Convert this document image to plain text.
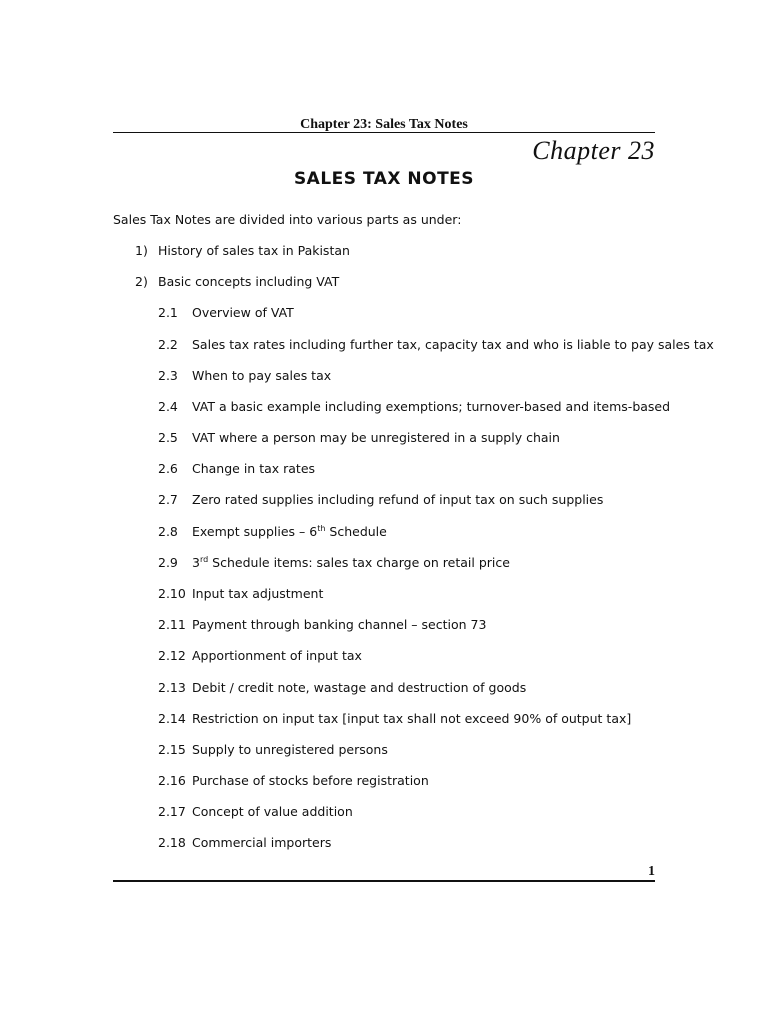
Chapter 23: Sales Tax Notes
Chapter 23
SALES TAX NOTES
Sales Tax Notes are divided into various parts as under:
1) History of sales tax in Pakistan
2) Basic concepts including VAT
2.1 Overview of VAT
2.2 Sales tax rates including further tax, capacity tax and who is liable to pay sales tax
2.3 When to pay sales tax
2.4 VAT a basic example including exemptions; turnover-based and items-based
2.5 VAT where a person may be unregistered in a supply chain
2.6 Change in tax rates
2.7 Zero rated supplies including refund of input tax on such supplies
2.8 Exempt supplies – 6th Schedule
2.9 3rd Schedule items: sales tax charge on retail price
2.10 Input tax adjustment
2.11 Payment through banking channel – section 73
2.12 Apportionment of input tax
2.13 Debit / credit note, wastage and destruction of goods
2.14 Restriction on input tax [input tax shall not exceed 90% of output tax]
2.15 Supply to unregistered persons
2.16 Purchase of stocks before registration
2.17 Concept of value addition
2.18 Commercial importers
1
